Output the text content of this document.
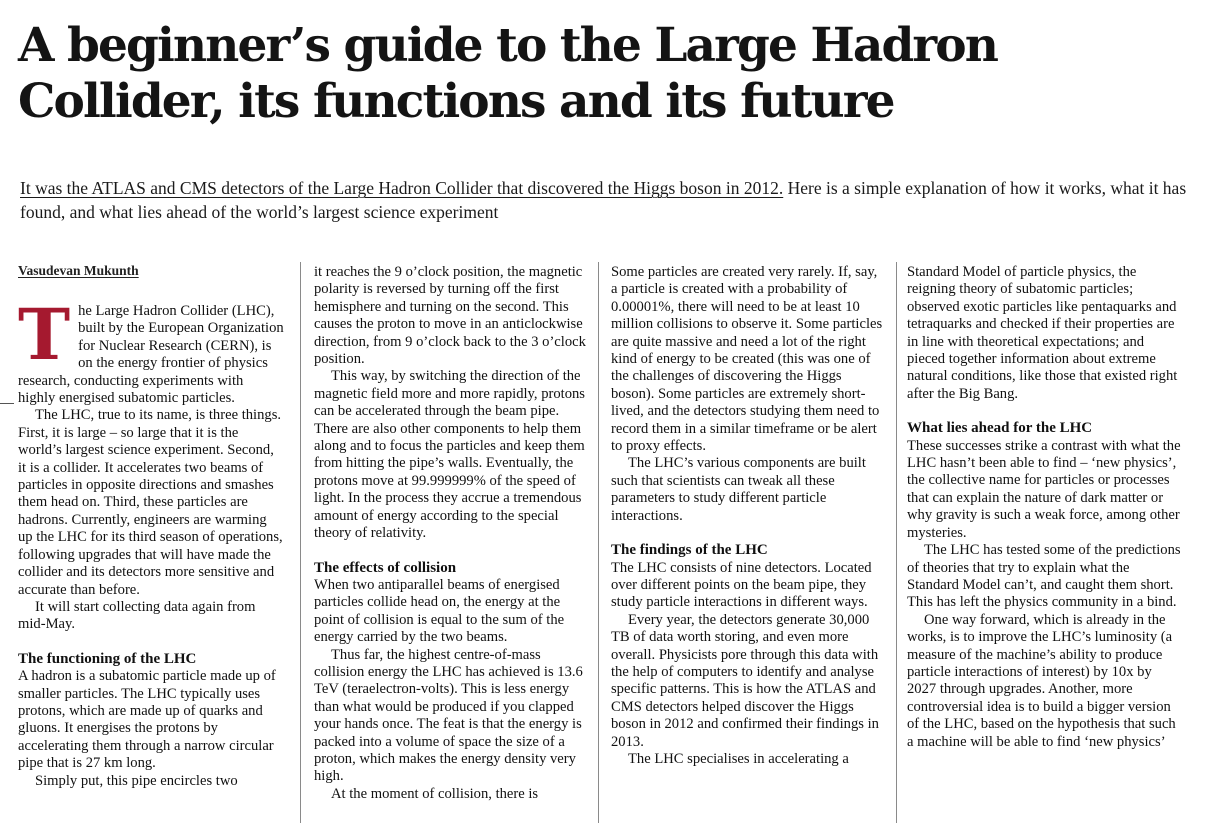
A beginner’s guide to the Large Hadron Collider, its functions and its future

It was the ATLAS and CMS detectors of the Large Hadron Collider that discovered the Higgs boson in 2012. Here is a simple explanation of how it works, what it has found, and what lies ahead of the world’s largest science experiment

Vasudevan Mukunth

The Large Hadron Collider (LHC), built by the European Organization for Nuclear Research (CERN), is on the energy frontier of physics research, conducting experiments with highly energised subatomic particles.

The LHC, true to its name, is three things. First, it is large – so large that it is the world’s largest science experiment. Second, it is a collider. It accelerates two beams of particles in opposite directions and smashes them head on. Third, these particles are hadrons. Currently, engineers are warming up the LHC for its third season of operations, following upgrades that will have made the collider and its detectors more sensitive and accurate than before.

It will start collecting data again from mid-May.

The functioning of the LHC

A hadron is a subatomic particle made up of smaller particles. The LHC typically uses protons, which are made up of quarks and gluons. It energises the protons by accelerating them through a narrow circular pipe that is 27 km long.

Simply put, this pipe encircles two

it reaches the 9 o’clock position, the magnetic polarity is reversed by turning off the first hemisphere and turning on the second. This causes the proton to move in an anticlockwise direction, from 9 o’clock back to the 3 o’clock position.

This way, by switching the direction of the magnetic field more and more rapidly, protons can be accelerated through the beam pipe. There are also other components to help them along and to focus the particles and keep them from hitting the pipe’s walls. Eventually, the protons move at 99.999999% of the speed of light. In the process they accrue a tremendous amount of energy according to the special theory of relativity.

The effects of collision

When two antiparallel beams of energised particles collide head on, the energy at the point of collision is equal to the sum of the energy carried by the two beams.

Thus far, the highest centre-of-mass collision energy the LHC has achieved is 13.6 TeV (teraelectron-volts). This is less energy than what would be produced if you clapped your hands once. The feat is that the energy is packed into a volume of space the size of a proton, which makes the energy density very high.

At the moment of collision, there is

Some particles are created very rarely. If, say, a particle is created with a probability of 0.00001%, there will need to be at least 10 million collisions to observe it. Some particles are quite massive and need a lot of the right kind of energy to be created (this was one of the challenges of discovering the Higgs boson). Some particles are extremely short-lived, and the detectors studying them need to record them in a similar timeframe or be alert to proxy effects.

The LHC’s various components are built such that scientists can tweak all these parameters to study different particle interactions.

The findings of the LHC

The LHC consists of nine detectors. Located over different points on the beam pipe, they study particle interactions in different ways.

Every year, the detectors generate 30,000 TB of data worth storing, and even more overall. Physicists pore through this data with the help of computers to identify and analyse specific patterns. This is how the ATLAS and CMS detectors helped discover the Higgs boson in 2012 and confirmed their findings in 2013.

The LHC specialises in accelerating a

Standard Model of particle physics, the reigning theory of subatomic particles; observed exotic particles like pentaquarks and tetraquarks and checked if their properties are in line with theoretical expectations; and pieced together information about extreme natural conditions, like those that existed right after the Big Bang.

What lies ahead for the LHC

These successes strike a contrast with what the LHC hasn’t been able to find – ‘new physics’, the collective name for particles or processes that can explain the nature of dark matter or why gravity is such a weak force, among other mysteries.

The LHC has tested some of the predictions of theories that try to explain what the Standard Model can’t, and caught them short. This has left the physics community in a bind.

One way forward, which is already in the works, is to improve the LHC’s luminosity (a measure of the machine’s ability to produce particle interactions of interest) by 10x by 2027 through upgrades. Another, more controversial idea is to build a bigger version of the LHC, based on the hypothesis that such a machine will be able to find ‘new physics’
